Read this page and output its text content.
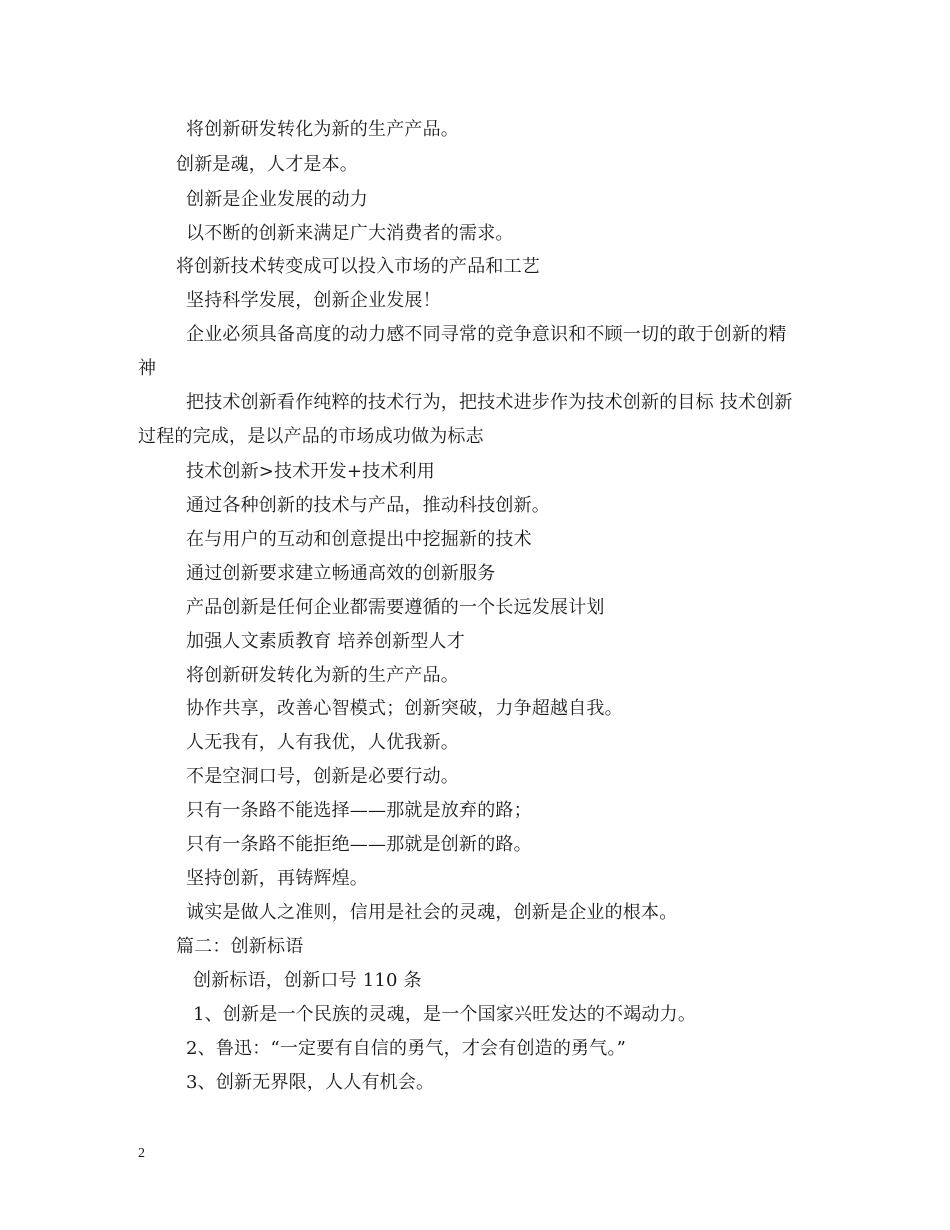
将创新研发转化为新的生产产品。
创新是魂，人才是本。
创新是企业发展的动力
以不断的创新来满足广大消费者的需求。
将创新技术转变成可以投入市场的产品和工艺
坚持科学发展，创新企业发展！
企业必须具备高度的动力感不同寻常的竞争意识和不顾一切的敢于创新的精
神
把技术创新看作纯粹的技术行为，把技术进步作为技术创新的目标 技术创新
过程的完成，是以产品的市场成功做为标志
技术创新>技术开发+技术利用
通过各种创新的技术与产品，推动科技创新。
在与用户的互动和创意提出中挖掘新的技术
通过创新要求建立畅通高效的创新服务
产品创新是任何企业都需要遵循的一个长远发展计划
加强人文素质教育 培养创新型人才
将创新研发转化为新的生产产品。
协作共享，改善心智模式；创新突破，力争超越自我。
人无我有，人有我优，人优我新。
不是空洞口号，创新是必要行动。
只有一条路不能选择——那就是放弃的路；
只有一条路不能拒绝——那就是创新的路。
坚持创新，再铸辉煌。
诚实是做人之准则，信用是社会的灵魂，创新是企业的根本。
篇二：创新标语
创新标语，创新口号 110 条
1、创新是一个民族的灵魂，是一个国家兴旺发达的不竭动力。
2、鲁迅：“一定要有自信的勇气，才会有创造的勇气。”
3、创新无界限，人人有机会。
2
